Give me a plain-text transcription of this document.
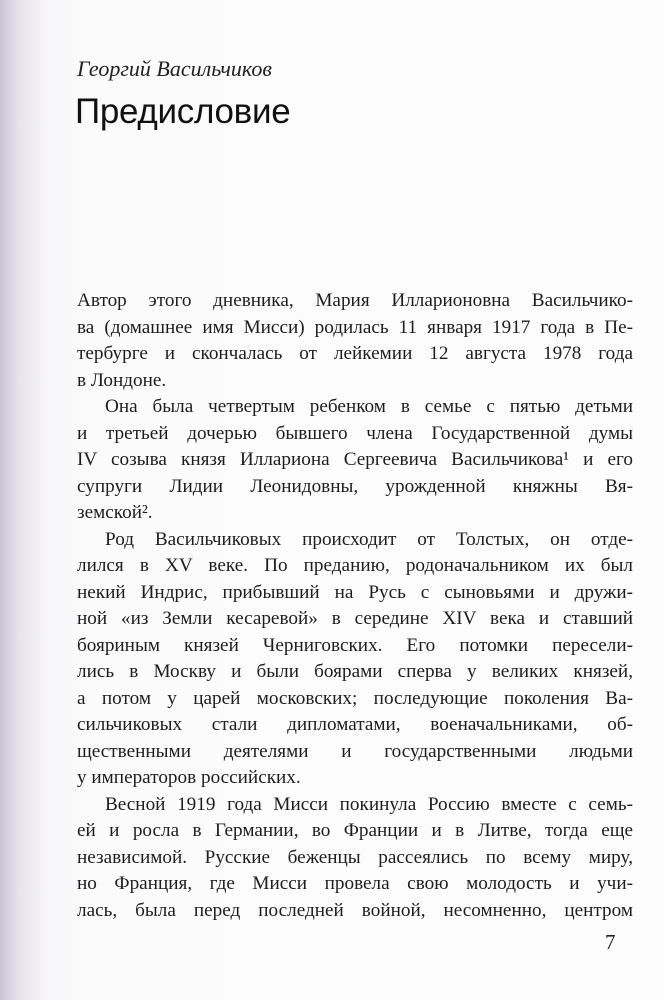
Георгий Васильчиков
Предисловие
Автор этого дневника, Мария Илларионовна Васильчико-
ва (домашнее имя Мисси) родилась 11 января 1917 года в Пе-
тербурге и скончалась от лейкемии 12 августа 1978 года
в Лондоне.
Она была четвертым ребенком в семье с пятью детьми
и третьей дочерью бывшего члена Государственной думы
IV созыва князя Иллариона Сергеевича Васильчикова¹ и его
супруги Лидии Леонидовны, урожденной княжны Вя-
земской².
Род Васильчиковых происходит от Толстых, он отде-
лился в XV веке. По преданию, родоначальником их был
некий Индрис, прибывший на Русь с сыновьями и дружи-
ной «из Земли кесаревой» в середине XIV века и ставший
бояриным князей Черниговских. Его потомки пересели-
лись в Москву и были боярами сперва у великих князей,
а потом у царей московских; последующие поколения Ва-
сильчиковых стали дипломатами, военачальниками, об-
щественными деятелями и государственными людьми
у императоров российских.
Весной 1919 года Мисси покинула Россию вместе с семь-
ей и росла в Германии, во Франции и в Литве, тогда еще
независимой. Русские беженцы рассеялись по всему миру,
но Франция, где Мисси провела свою молодость и учи-
лась, была перед последней войной, несомненно, центром
7
